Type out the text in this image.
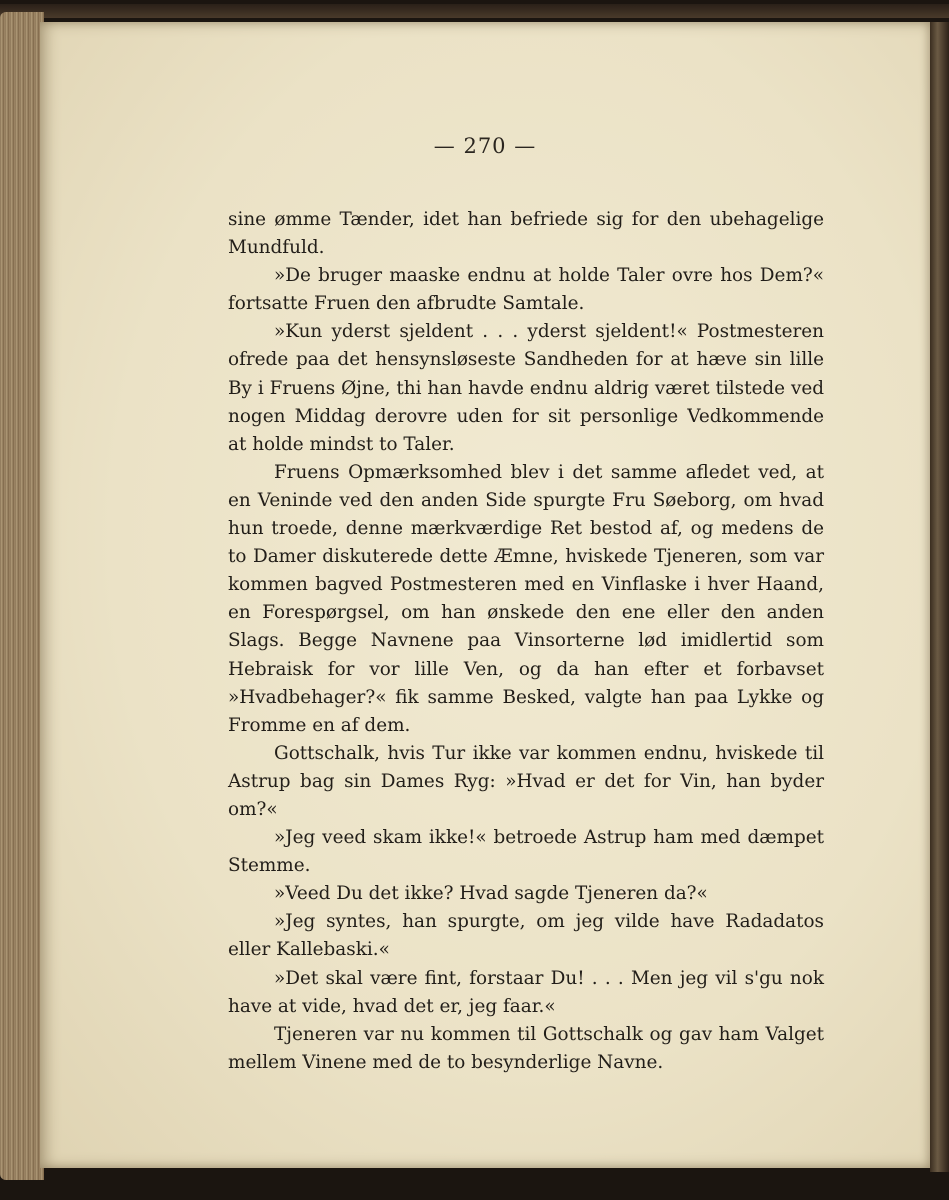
— 270 —

sine ømme Tænder, idet han befriede sig for den ubehagelige Mundfuld.

»De bruger maaske endnu at holde Taler ovre hos Dem?« fortsatte Fruen den afbrudte Samtale.

»Kun yderst sjeldent . . . yderst sjeldent!« Postmesteren ofrede paa det hensynsløseste Sandheden for at hæve sin lille By i Fruens Øjne, thi han havde endnu aldrig været tilstede ved nogen Middag derovre uden for sit personlige Vedkommende at holde mindst to Taler.

Fruens Opmærksomhed blev i det samme afledet ved, at en Veninde ved den anden Side spurgte Fru Søeborg, om hvad hun troede, denne mærkværdige Ret bestod af, og medens de to Damer diskuterede dette Æmne, hviskede Tjeneren, som var kommen bagved Postmesteren med en Vinflaske i hver Haand, en Forespørgsel, om han ønskede den ene eller den anden Slags. Begge Navnene paa Vinsorterne lød imidlertid som Hebraisk for vor lille Ven, og da han efter et forbavset »Hvadbehager?« fik samme Besked, valgte han paa Lykke og Fromme en af dem.

Gottschalk, hvis Tur ikke var kommen endnu, hviskede til Astrup bag sin Dames Ryg: »Hvad er det for Vin, han byder om?«

»Jeg veed skam ikke!« betroede Astrup ham med dæmpet Stemme.

»Veed Du det ikke? Hvad sagde Tjeneren da?«

»Jeg syntes, han spurgte, om jeg vilde have Radadatos eller Kallebaski.«

»Det skal være fint, forstaar Du! . . . Men jeg vil s'gu nok have at vide, hvad det er, jeg faar.«

Tjeneren var nu kommen til Gottschalk og gav ham Valget mellem Vinene med de to besynderlige Navne.
